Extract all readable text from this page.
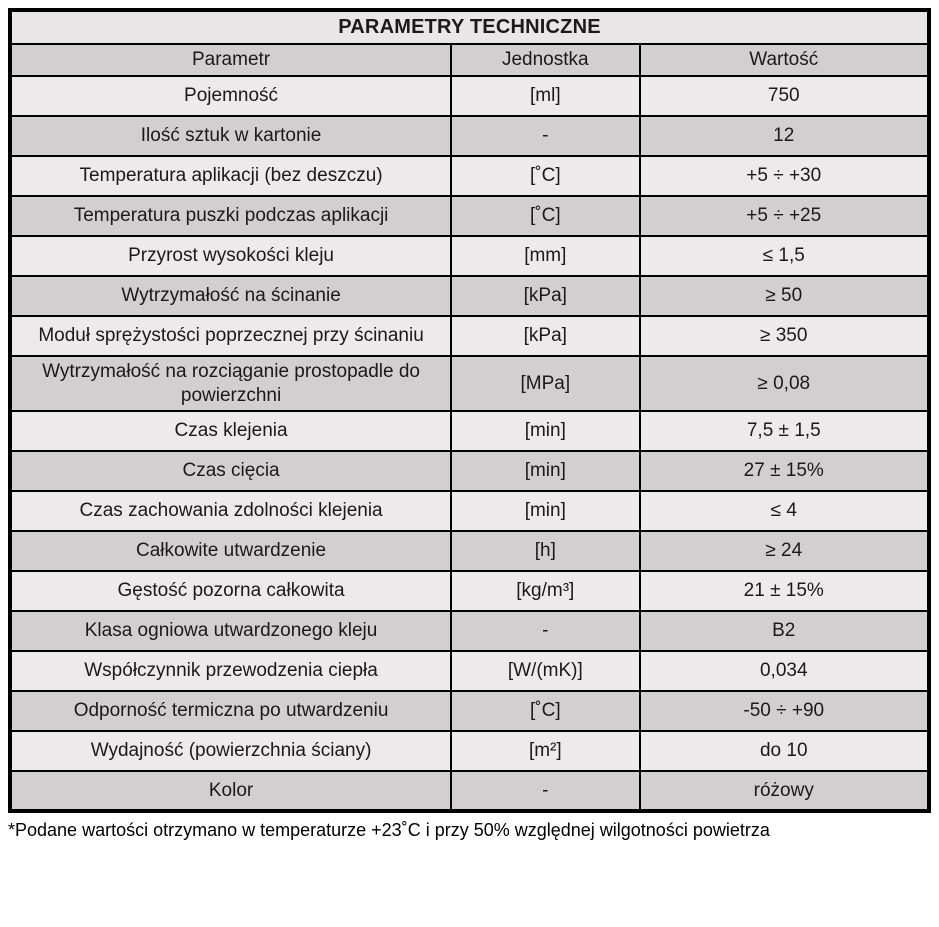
PARAMETRY TECHNICZNE		
Parametr	Jednostka	Wartość
Pojemność	[ml]	750
Ilość sztuk w kartonie	-	12
Temperatura aplikacji (bez deszczu)	[˚C]	+5 ÷ +30
Temperatura puszki podczas aplikacji	[˚C]	+5 ÷ +25
Przyrost wysokości kleju	[mm]	≤ 1,5
Wytrzymałość na ścinanie	[kPa]	≥ 50
Moduł sprężystości poprzecznej przy ścinaniu	[kPa]	≥ 350
Wytrzymałość na rozciąganie prostopadle do powierzchni	[MPa]	≥ 0,08
Czas klejenia	[min]	7,5 ± 1,5
Czas cięcia	[min]	27 ± 15%
Czas zachowania zdolności klejenia	[min]	≤ 4
Całkowite utwardzenie	[h]	≥ 24
Gęstość pozorna całkowita	[kg/m³]	21 ± 15%
Klasa ogniowa utwardzonego kleju	-	B2
Współczynnik przewodzenia ciepła	[W/(mK)]	0,034
Odporność termiczna po utwardzeniu	[˚C]	-50 ÷ +90
Wydajność (powierzchnia ściany)	[m²]	do 10
Kolor	-	różowy
*Podane wartości otrzymano w temperaturze +23˚C i przy 50% względnej wilgotności powietrza
